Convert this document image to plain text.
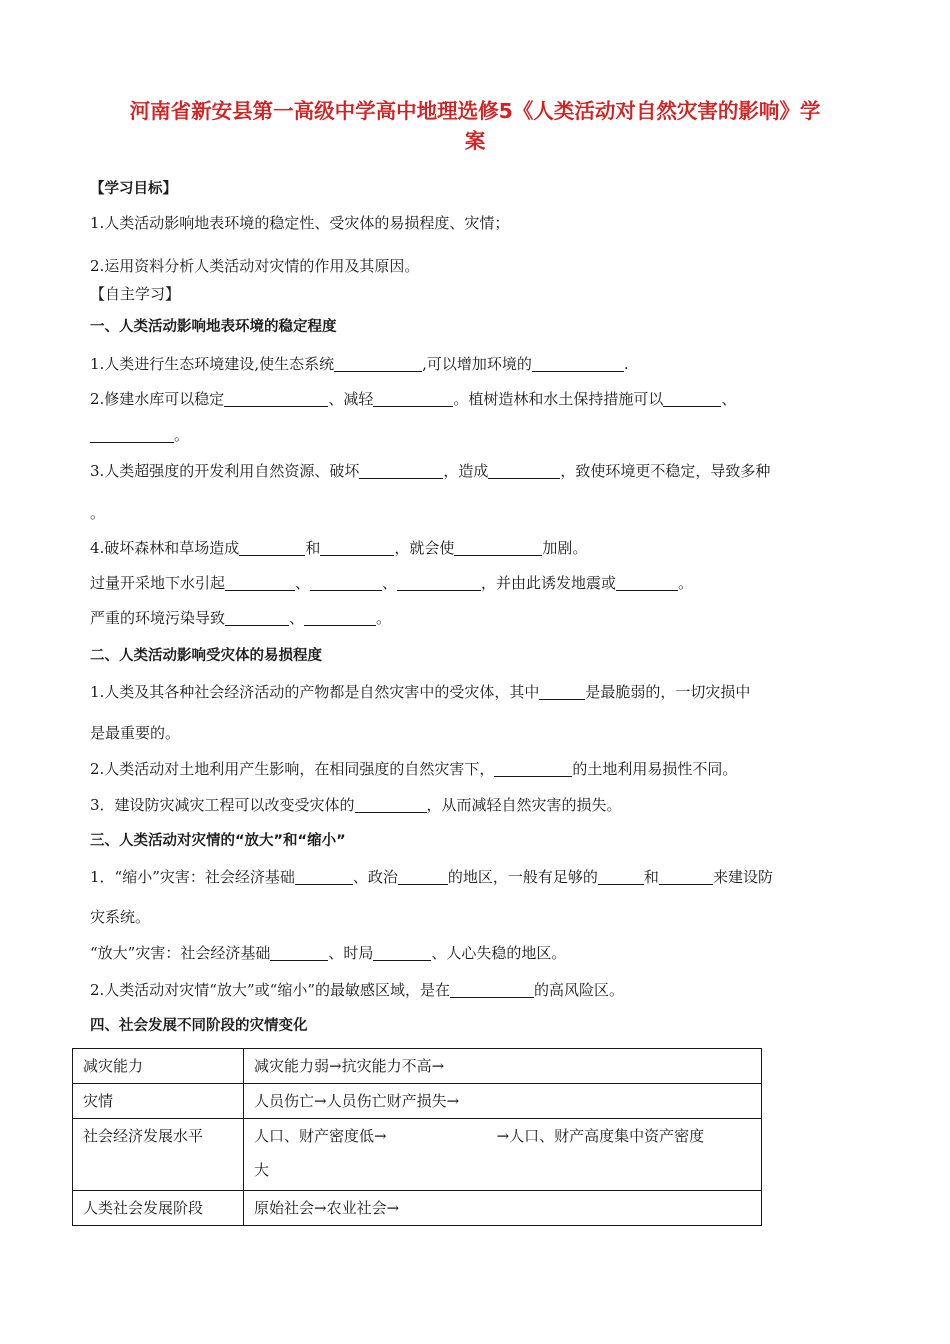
河南省新安县第一高级中学高中地理选修5《人类活动对自然灾害的影响》学
案
【学习目标】
1.人类活动影响地表环境的稳定性、受灾体的易损程度、灾情；
2.运用资料分析人类活动对灾情的作用及其原因。
【自主学习】
一、人类活动影响地表环境的稳定程度
1.人类进行生态环境建设,使生态系统	,可以增加环境的	.
2.修建水库可以稳定	、减轻	。植树造林和水土保持措施可以	、
。
3.人类超强度的开发利用自然资源、破坏	，造成	，致使环境更不稳定，导致多种
。
4.破坏森林和草场造成	和	，就会使	加剧。
过量开采地下水引起	、	、	，并由此诱发地震或	。
严重的环境污染导致	、	。
二、人类活动影响受灾体的易损程度
1.人类及其各种社会经济活动的产物都是自然灾害中的受灾体，其中	是最脆弱的，一切灾损中
是最重要的。
2.人类活动对土地利用产生影响，在相同强度的自然灾害下，	的土地利用易损性不同。
3．建设防灾减灾工程可以改变受灾体的	，从而减轻自然灾害的损失。
三、人类活动对灾情的“放大”和“缩小”
1．“缩小”灾害：社会经济基础	、政治	的地区，一般有足够的	和	来建设防
灾系统。
“放大”灾害：社会经济基础	、时局	、人心失稳的地区。
2.人类活动对灾情“放大”或“缩小”的最敏感区域，是在	的高风险区。
四、社会发展不同阶段的灾情变化
减灾能力	减灾能力弱→抗灾能力不高→
灾情	人员伤亡→人员伤亡财产损失→
社会经济发展水平	人口、财产密度低→ →人口、财产高度集中资产密度
大

人类社会发展阶段	原始社会→农业社会→
